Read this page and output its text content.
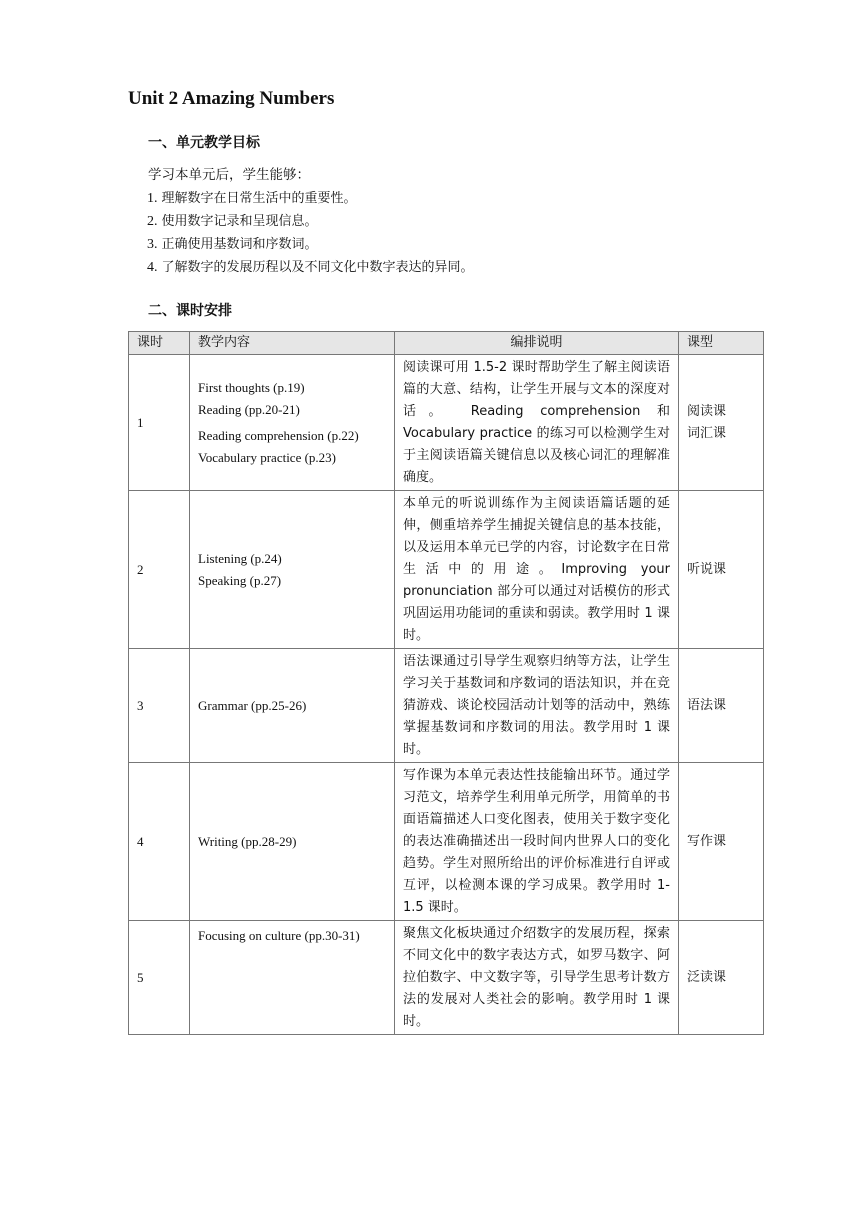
Unit 2 Amazing Numbers
一、单元教学目标
学习本单元后，学生能够：
1. 理解数字在日常生活中的重要性。
2. 使用数字记录和呈现信息。
3. 正确使用基数词和序数词。
4. 了解数字的发展历程以及不同文化中数字表达的异同。
二、课时安排
课时	教学内容	编排说明	课型
1	First thoughts (p.19)
Reading (pp.20-21)
Reading comprehension (p.22)
Vocabulary practice (p.23)	阅读课可用 1.5-2 课时帮助学生了解主阅读语篇的大意、结构，让学生开展与文本的深度对话。 Reading comprehension 和 Vocabulary practice 的练习可以检测学生对于主阅读语篇关键信息以及核心词汇的理解准确度。	阅读课
词汇课

2	Listening (p.24)
Speaking (p.27)	本单元的听说训练作为主阅读语篇话题的延伸，侧重培养学生捕捉关键信息的基本技能，以及运用本单元已学的内容，讨论数字在日常生活中的用途。Improving your pronunciation 部分可以通过对话模仿的形式巩固运用功能词的重读和弱读。教学用时 1 课时。	听说课

3	Grammar (pp.25-26)	语法课通过引导学生观察归纳等方法，让学生学习关于基数词和序数词的语法知识，并在竞猜游戏、谈论校园活动计划等的活动中，熟练掌握基数词和序数词的用法。教学用时 1 课时。	语法课

4	Writing (pp.28-29)	写作课为本单元表达性技能输出环节。通过学习范文，培养学生利用单元所学，用简单的书面语篇描述人口变化图表，使用关于数字变化的表达准确描述出一段时间内世界人口的变化趋势。学生对照所给出的评价标准进行自评或互评，以检测本课的学习成果。教学用时 1-1.5 课时。	写作课

5	Focusing on culture (pp.30-31)	聚焦文化板块通过介绍数字的发展历程，探索不同文化中的数字表达方式，如罗马数字、阿拉伯数字、中文数字等，引导学生思考计数方法的发展对人类社会的影响。教学用时 1 课时。	泛读课
